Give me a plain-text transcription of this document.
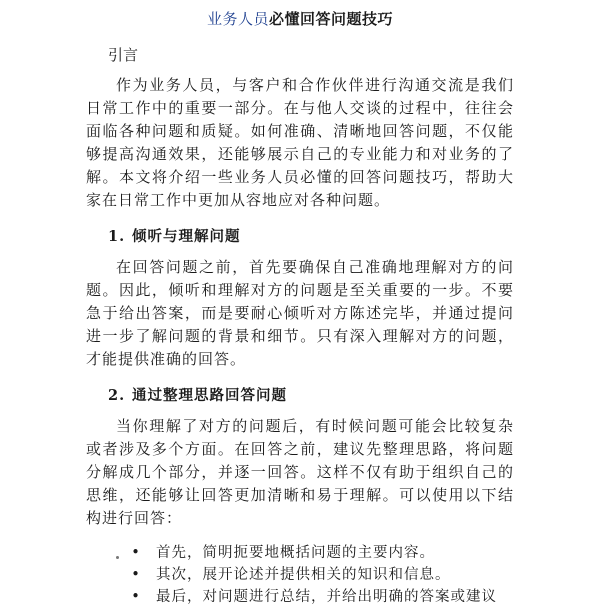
业务人员必懂回答问题技巧
引言

作为业务人员，与客户和合作伙伴进行沟通交流是我们日常工作中的重要一部分。在与他人交谈的过程中，往往会面临各种问题和质疑。如何准确、清晰地回答问题，不仅能够提高沟通效果，还能够展示自己的专业能力和对业务的了解。本文将介绍一些业务人员必懂的回答问题技巧，帮助大家在日常工作中更加从容地应对各种问题。

1. 倾听与理解问题

在回答问题之前，首先要确保自己准确地理解对方的问题。因此，倾听和理解对方的问题是至关重要的一步。不要急于给出答案，而是要耐心倾听对方陈述完毕，并通过提问进一步了解问题的背景和细节。只有深入理解对方的问题，才能提供准确的回答。

2. 通过整理思路回答问题

当你理解了对方的问题后，有时候问题可能会比较复杂或者涉及多个方面。在回答之前，建议先整理思路，将问题分解成几个部分，并逐一回答。这样不仅有助于组织自己的思维，还能够让回答更加清晰和易于理解。可以使用以下结构进行回答：

•	首先，简明扼要地概括问题的主要内容。
•	其次，展开论述并提供相关的知识和信息。
•	最后，对问题进行总结，并给出明确的答案或建议
